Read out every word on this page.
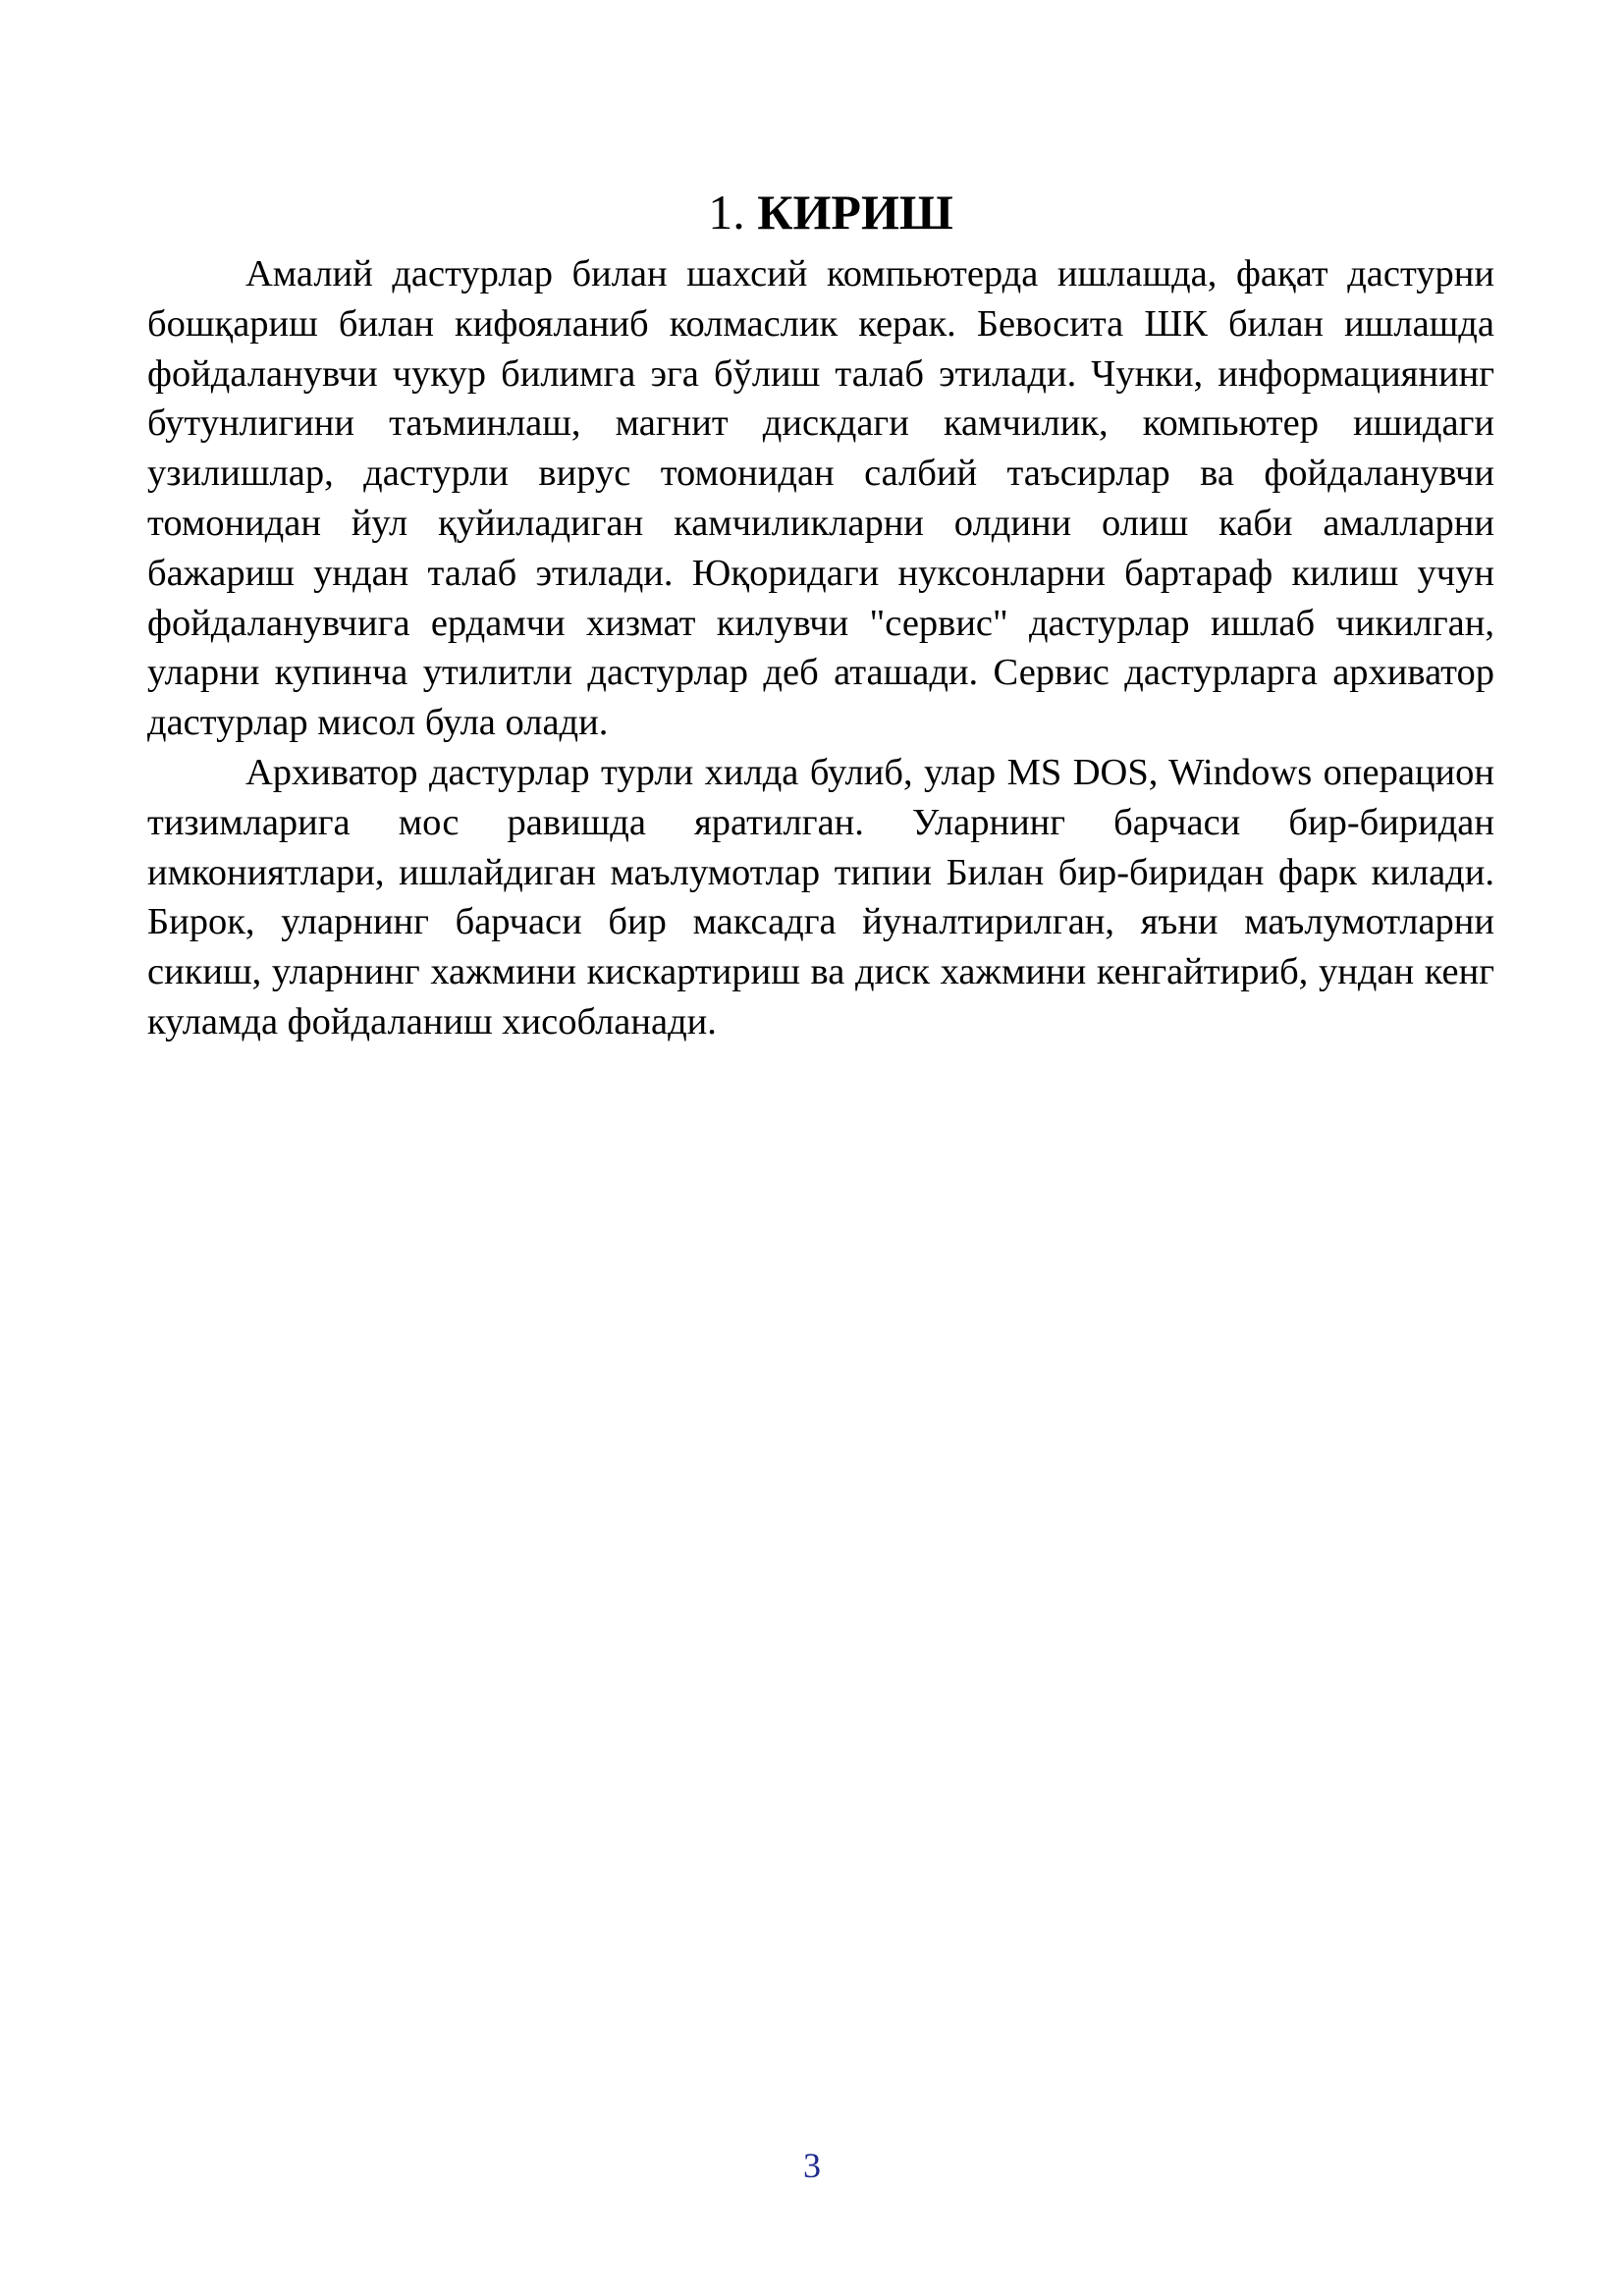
1. КИРИШ

Амалий дастурлар билан шахсий компьютерда ишлашда, фақат дастурни бошқариш билан кифояланиб колмаслик керак. Бевосита ШК билан ишлашда фойдаланувчи чукур билимга эга бўлиш талаб этилади. Чунки, информациянинг бутунлигини таъминлаш, магнит дискдаги камчилик, компьютер ишидаги узилишлар, дастурли вирус томонидан салбий таъсирлар ва фойдаланувчи томонидан йул қуйиладиган камчиликларни олдини олиш каби амалларни бажариш ундан талаб этилади. Юқоридаги нуксонларни бартараф килиш учун фойдаланувчига ердамчи хизмат килувчи "сервис" дастурлар ишлаб чикилган, уларни купинча утилитли дастурлар деб аташади. Сервис дастурларга архиватор дастурлар мисол була олади.

Архиватор дастурлар турли хилда булиб, улар MS DOS, Windows операцион тизимларига мос равишда яратилган. Уларнинг барчаси бир-биридан имкониятлари, ишлайдиган маълумотлар типии Билан бир-биридан фарк килади. Бирок, уларнинг барчаси бир максадга йуналтирилган, яъни маълумотларни сикиш, уларнинг хажмини кискартириш ва диск хажмини кенгайтириб, ундан кенг куламда фойдаланиш хисобланади.

3
